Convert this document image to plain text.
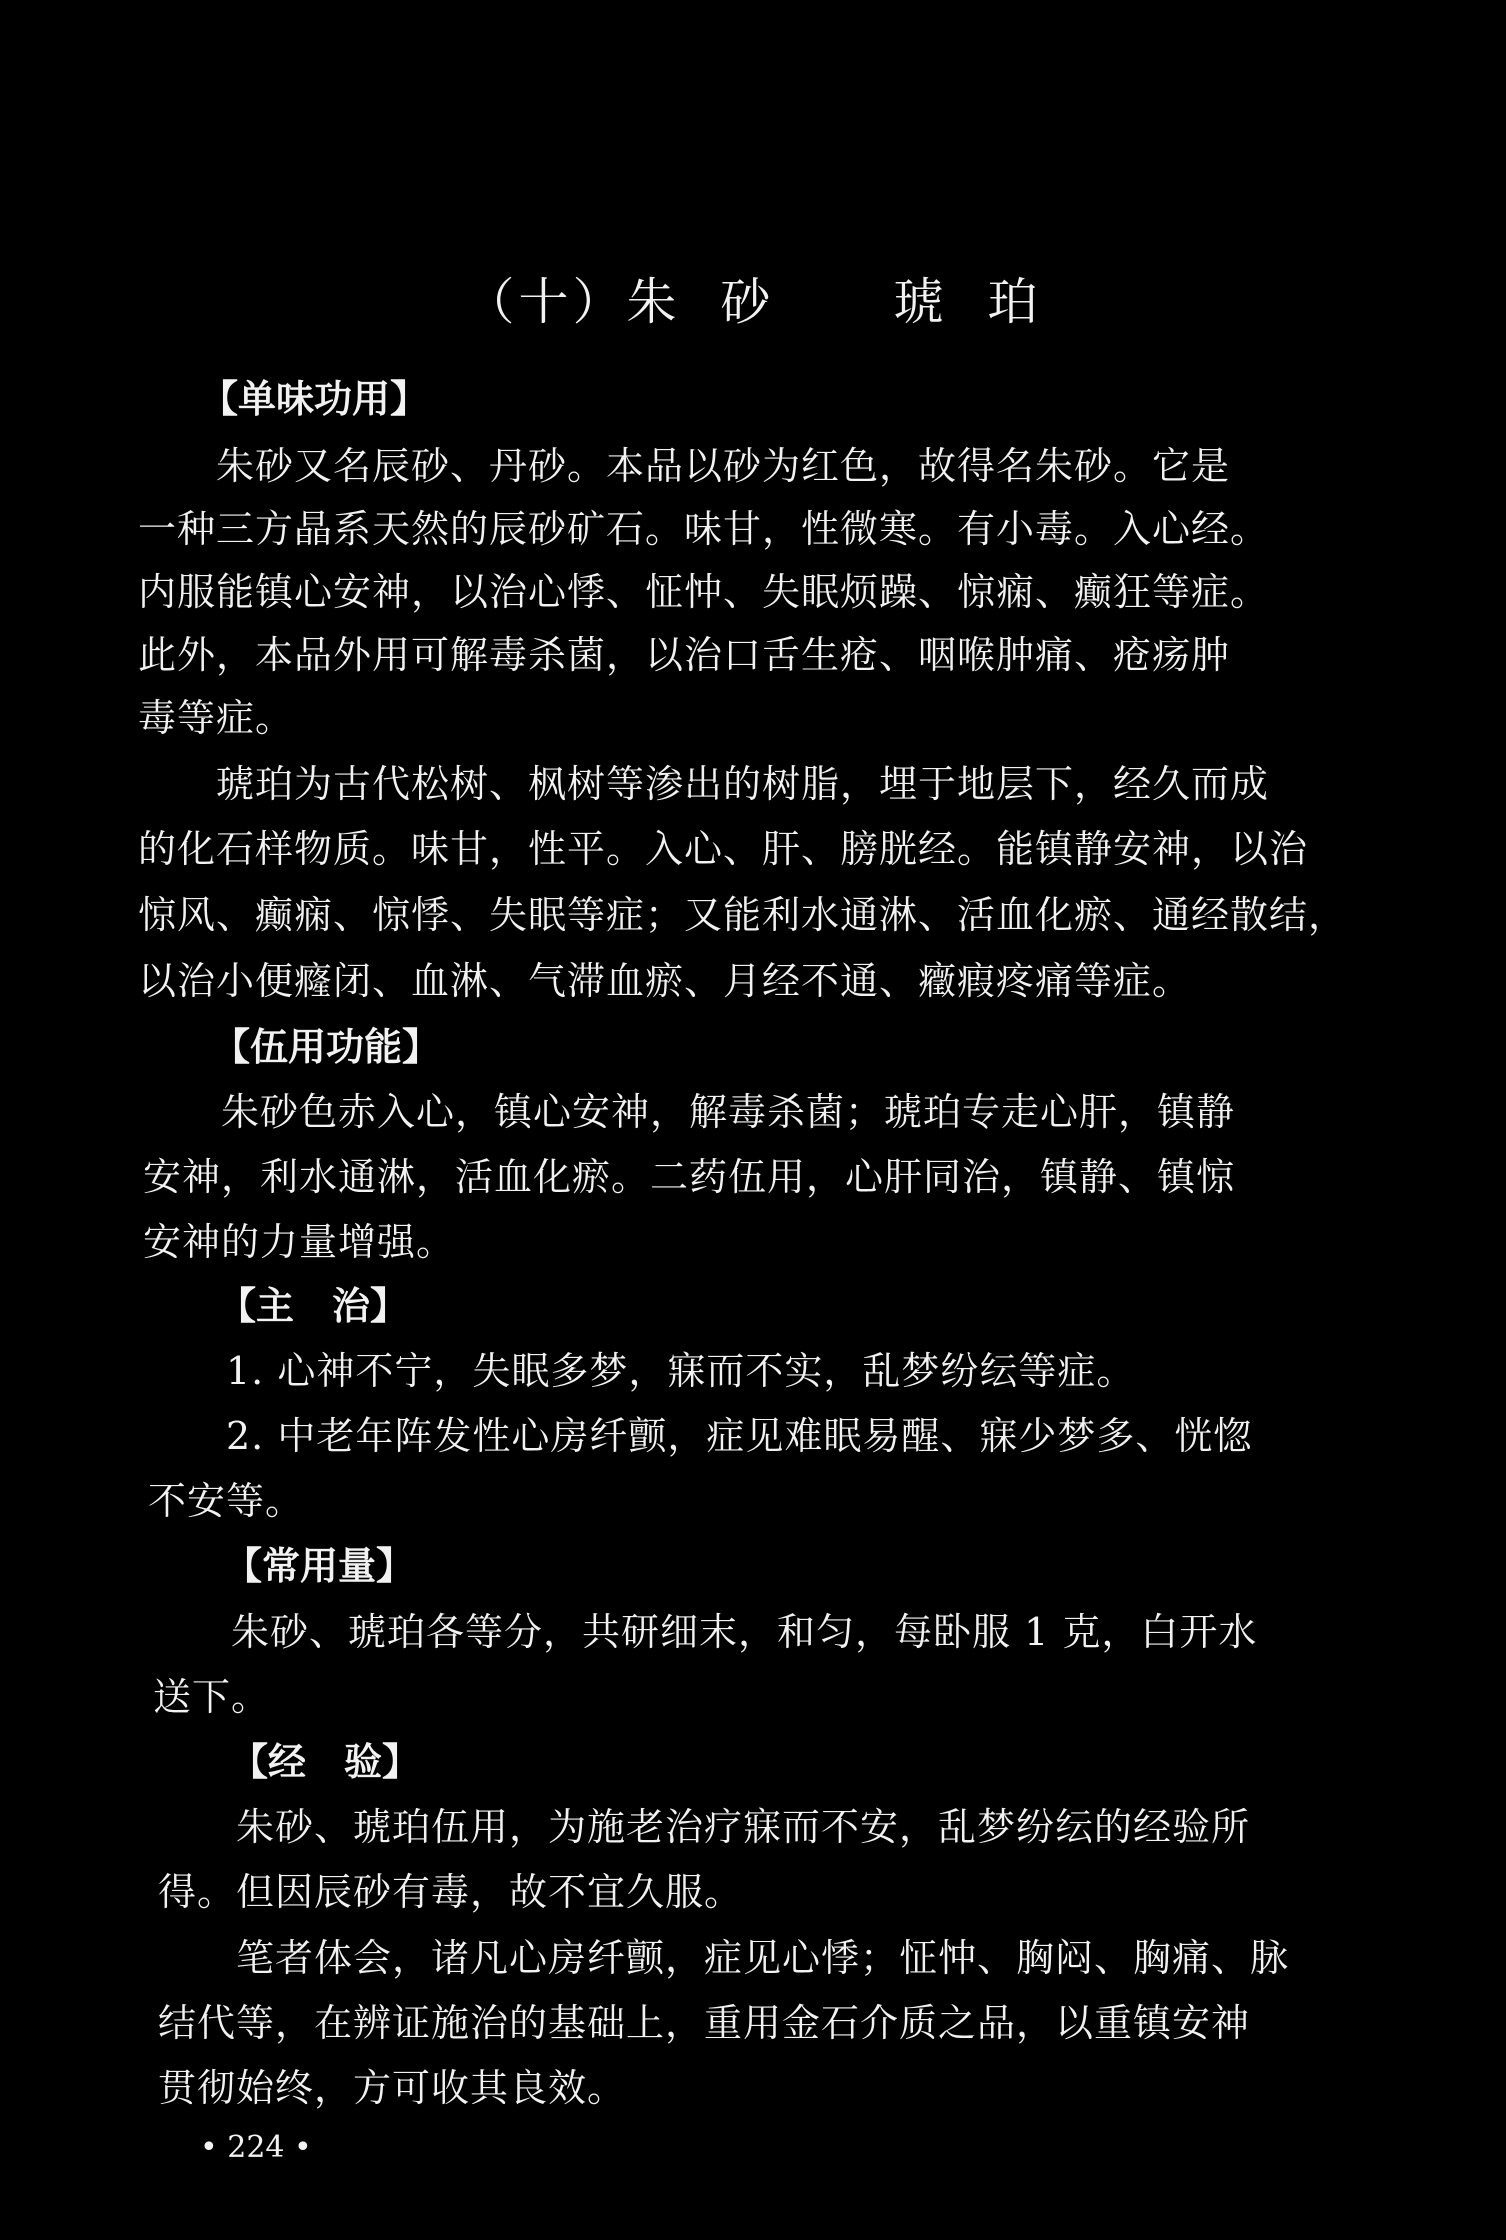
（十）朱  砂      琥  珀
【单味功用】
　　朱砂又名辰砂、丹砂。本品以砂为红色，故得名朱砂。它是
一种三方晶系天然的辰砂矿石。味甘，性微寒。有小毒。入心经。
内服能镇心安神，以治心悸、怔忡、失眠烦躁、惊痫、癫狂等症。
此外，本品外用可解毒杀菌，以治口舌生疮、咽喉肿痛、疮疡肿
毒等症。
　　琥珀为古代松树、枫树等渗出的树脂，埋于地层下，经久而成
的化石样物质。味甘，性平。入心、肝、膀胱经。能镇静安神，以治
惊风、癫痫、惊悸、失眠等症；又能利水通淋、活血化瘀、通经散结，
以治小便癃闭、血淋、气滞血瘀、月经不通、癥瘕疼痛等症。
【伍用功能】
　　朱砂色赤入心，镇心安神，解毒杀菌；琥珀专走心肝，镇静
安神，利水通淋，活血化瘀。二药伍用，心肝同治，镇静、镇惊
安神的力量增强。
【主　治】
　　1. 心神不宁，失眠多梦，寐而不实，乱梦纷纭等症。
　　2. 中老年阵发性心房纤颤，症见难眠易醒、寐少梦多、恍惚
不安等。
【常用量】
　　朱砂、琥珀各等分，共研细末，和匀，每卧服 1 克，白开水
送下。
【经　验】
　　朱砂、琥珀伍用，为施老治疗寐而不安，乱梦纷纭的经验所
得。但因辰砂有毒，故不宜久服。
　　笔者体会，诸凡心房纤颤，症见心悸；怔忡、胸闷、胸痛、脉
结代等，在辨证施治的基础上，重用金石介质之品，以重镇安神
贯彻始终，方可收其良效。
• 224 •
